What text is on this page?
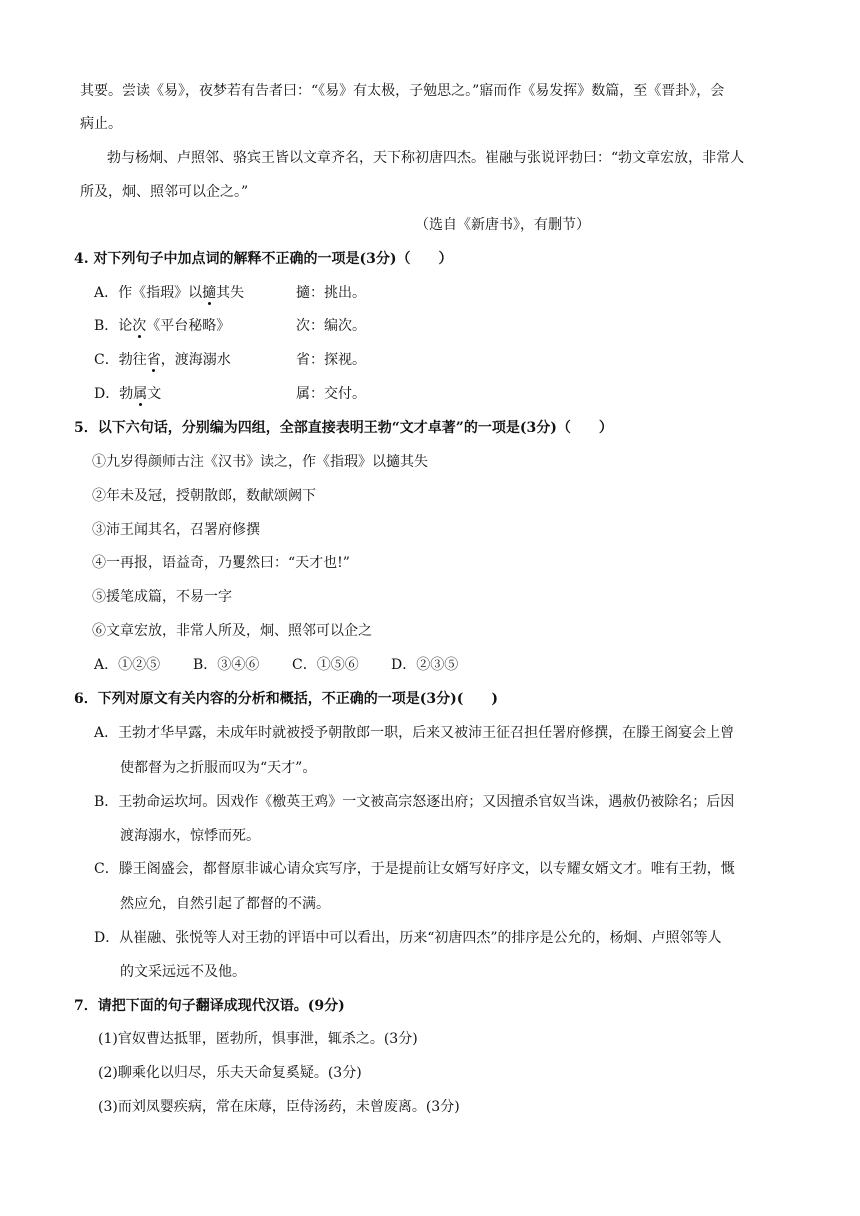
其要。尝读《易》，夜梦若有告者曰：“《易》有太极，子勉思之。”寤而作《易发挥》数篇，至《晋卦》，会
病止。
勃与杨炯、卢照邻、骆宾王皆以文章齐名，天下称初唐四杰。崔融与张说评勃曰：“勃文章宏放，非常人
所及，炯、照邻可以企之。”
（选自《新唐书》，有删节）
4. 对下列句子中加点词的解释不正确的一项是(3分)（　　）
A．作《指瑕》以擿其失	擿：挑出。
B．论次《平台秘略》	次：编次。
C．勃往省，渡海溺水	省：探视。
D．勃属文	属：交付。
5．以下六句话，分别编为四组，全部直接表明王勃“文才卓著”的一项是(3分)（　　）
①九岁得颜师古注《汉书》读之，作《指瑕》以擿其失
②年未及冠，授朝散郎，数献颂阙下
③沛王闻其名，召署府修撰
④一再报，语益奇，乃矍然曰：“天才也!”
⑤援笔成篇，不易一字
⑥文章宏放，非常人所及，炯、照邻可以企之
A．①②⑤ B．③④⑥ C．①⑤⑥ D．②③⑤
6．下列对原文有关内容的分析和概括，不正确的一项是(3分)(　　)
A．王勃才华早露，未成年时就被授予朝散郎一职，后来又被沛王征召担任署府修撰，在滕王阁宴会上曾
使都督为之折服而叹为“天才”。
B．王勃命运坎坷。因戏作《檄英王鸡》一文被高宗怒逐出府；又因擅杀官奴当诛，遇赦仍被除名；后因
渡海溺水，惊悸而死。
C．滕王阁盛会，都督原非诚心请众宾写序，于是提前让女婿写好序文，以专耀女婿文才。唯有王勃，慨
然应允，自然引起了都督的不满。
D．从崔融、张悦等人对王勃的评语中可以看出，历来“初唐四杰”的排序是公允的，杨炯、卢照邻等人
的文采远远不及他。
7．请把下面的句子翻译成现代汉语。(9分)
(1)官奴曹达抵罪，匿勃所，惧事泄，辄杀之。(3分)
(2)聊乘化以归尽，乐夫天命复奚疑。(3分)
(3)而刘凤婴疾病，常在床蓐，臣侍汤药，未曾废离。(3分)
